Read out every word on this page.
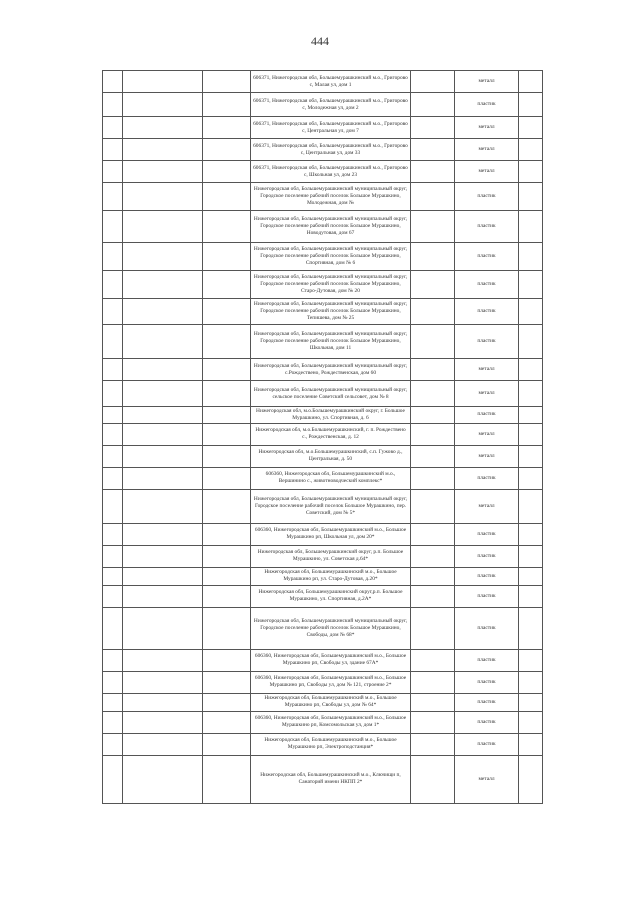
444
			606371, Нижегородская обл, Большемурашкинский м.о., Григорово с, Малая ул, дом 1		металл	
			606371, Нижегородская обл, Большемурашкинский м.о., Григорово с, Молодежная ул, дом 2		пластик	
			606371, Нижегородская обл, Большемурашкинский м.о., Григорово с, Центральная ул, дом 7		металл	
			606371, Нижегородская обл, Большемурашкинский м.о., Григорово с, Центральная ул, дом 33		металл	
			606371, Нижегородская обл, Большемурашкинский м.о., Григорово с, Школьная ул, дом 23		металл	
			Нижегородская обл, Большемурашкинский муниципальный округ, Городское поселение рабочий поселок Большое Мурашкино, Молодежная, дом №		пластик	
			Нижегородская обл, Большемурашкинский муниципальный округ, Городское поселение рабочий поселок Большое Мурашкино, Новодутовая, дом 67		пластик	
			Нижегородская обл, Большемурашкинский муниципальный округ, Городское поселение рабочий поселок Большое Мурашкино, Спортивная, дом № 6		пластик	
			Нижегородская обл, Большемурашкинский муниципальный округ, Городское поселение рабочий поселок Большое Мурашкино, Старо-Дутовая, дом № 20		пластик	
			Нижегородская обл, Большемурашкинский муниципальный округ, Городское поселение рабочий поселок Большое Мурашкино, Тепишева, дом № 25		пластик	
			Нижегородская обл, Большемурашкинский муниципальный округ, Городское поселение рабочий поселок Большое Мурашкино, Школьная, дом 11		пластик	
			Нижегородская обл, Большемурашкинский муниципальный округ, с.Рождествено, Рождественская, дом 60		металл	
			Нижегородская обл, Большемурашкинский муниципальный округ, сельское поселение Советский сельсовет, дом № 8		металл	
			Нижегородская обл, м.о.Большемурашкинский округ, г. Большое Мурашкино, ул. Спортивная, д. 6		пластик	
			Нижегородская обл, м.о.Большемурашкинский, г. п. Рождествено с., Рождественская, д. 12		металл	
			Нижегородская обл, м.о.Большемурашкинский, с.п. Гужово д., Центральная, д. 50		металл	
			606360, Нижегородская обл, Большемурашкинский м.о., Вершинино с., животноводческий комплекс*		пластик	
			Нижегородская обл, Большемурашкинский муниципальный округ, Городское поселение рабочий поселок Большое Мурашкино, пер. Советский, дом № 5*		металл	
			606360, Нижегородская обл, Большемурашкинский м.о., Большое Мурашкино рп, Школьная ул, дом 20*		пластик	
			Нижегородская обл, Большемурашкинский округ, р.п. Большое Мурашкино, ул. Советская д.64*		пластик	
			Нижегородская обл, Большемурашкинский м.о., Большое Мурашкино рп, ул. Старо-Дутовая, д.20*		пластик	
			Нижегородская обл, Большемурашкинский округ,р.п. Большое Мурашкино, ул. Спортивная, д.2А*		пластик	
			Нижегородская обл, Большемурашкинский муниципальный округ, Городское поселение рабочий поселок Большое Мурашкино, Свободы, дом № 68*		пластик	
			606360, Нижегородская обл, Большемурашкинский м.о., Большое Мурашкино рп, Свободы ул, здание 67А*		пластик	
			606360, Нижегородская обл, Большемурашкинский м.о., Большое Мурашкино рп, Свободы ул, дом № 121, строение 2*		пластик	
			Нижегородская обл, Большемурашкинский м.о., Большое Мурашкино рп, Свободы ул, дом № 64*		пластик	
			606360, Нижегородская обл, Большемурашкинский м.о., Большое Мурашкино рп, Комсомольская ул, дом 1*		пластик	
			Нижегородская обл, Большемурашкинский м.о., Большое Мурашкино рп, Электроподстанция*		пластик	
			Нижегородская обл, Большемурашкинский м.о., Ключищи п, Санаторий имени НКПП 2*		металл	
